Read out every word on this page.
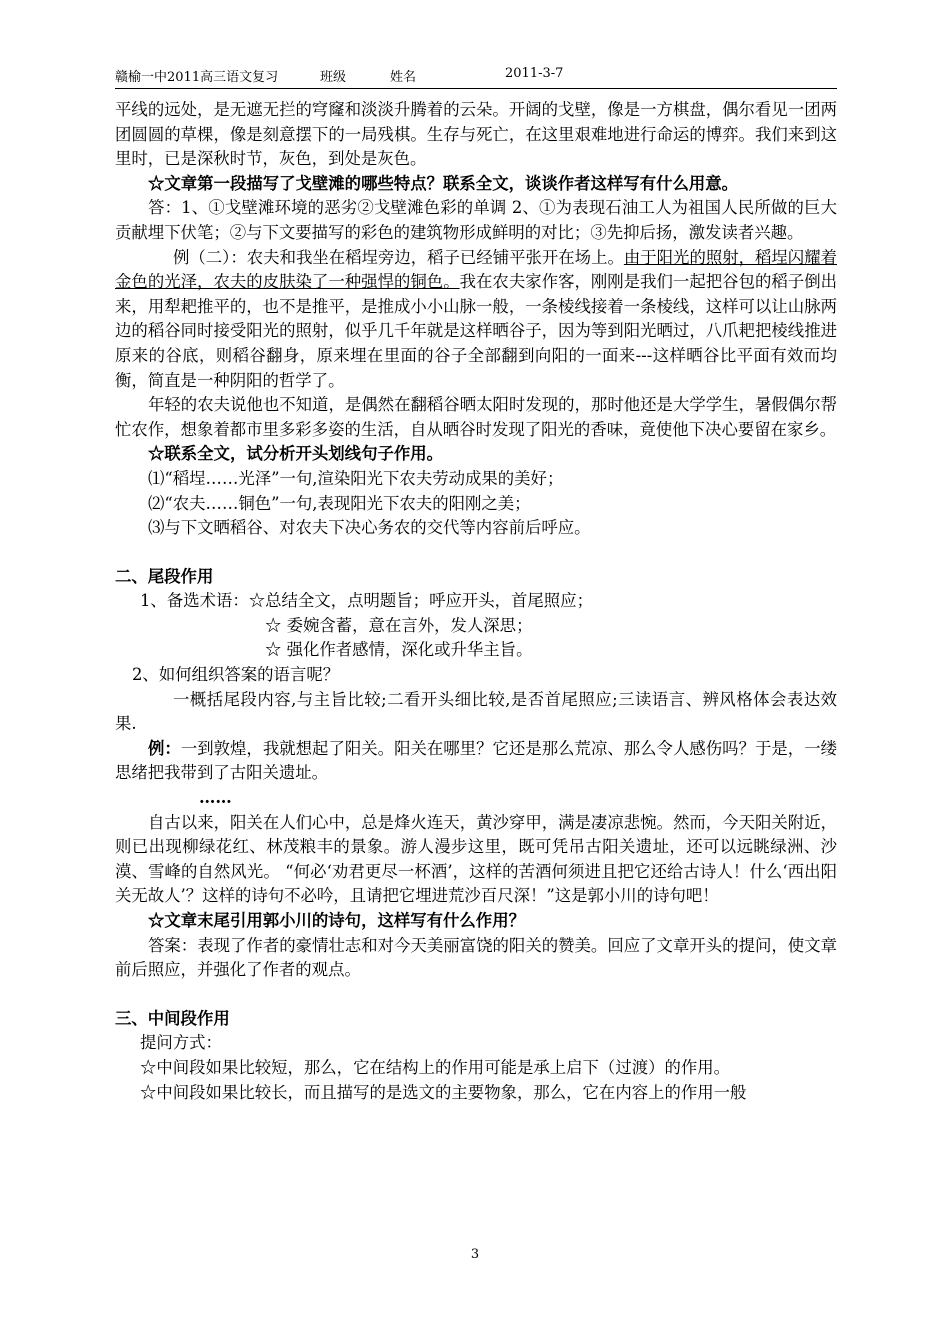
赣榆一中2011高三语文复习	班级	姓名	2011-3-7

平线的远处，是无遮无拦的穹窿和淡淡升腾着的云朵。开阔的戈壁，像是一方棋盘，偶尔看见一团两团圆圆的草棵，像是刻意摆下的一局残棋。生存与死亡，在这里艰难地进行命运的博弈。我们来到这里时，已是深秋时节，灰色，到处是灰色。

☆文章第一段描写了戈壁滩的哪些特点？联系全文，谈谈作者这样写有什么用意。

答：1、①戈壁滩环境的恶劣②戈壁滩色彩的单调 2、①为表现石油工人为祖国人民所做的巨大贡献埋下伏笔；②与下文要描写的彩色的建筑物形成鲜明的对比；③先抑后扬，激发读者兴趣。

例（二）：农夫和我坐在稻埕旁边，稻子已经铺平张开在场上。由于阳光的照射，稻埕闪耀着金色的光泽，农夫的皮肤染了一种强悍的铜色。我在农夫家作客，刚刚是我们一起把谷包的稻子倒出来，用犁耙推平的，也不是推平，是推成小小山脉一般，一条棱线接着一条棱线，这样可以让山脉两边的稻谷同时接受阳光的照射，似乎几千年就是这样晒谷子，因为等到阳光晒过，八爪耙把棱线推进原来的谷底，则稻谷翻身，原来埋在里面的谷子全部翻到向阳的一面来---这样晒谷比平面有效而均衡，简直是一种阴阳的哲学了。

年轻的农夫说他也不知道，是偶然在翻稻谷晒太阳时发现的，那时他还是大学学生，暑假偶尔帮忙农作，想象着都市里多彩多姿的生活，自从晒谷时发现了阳光的香味，竟使他下决心要留在家乡。

☆联系全文，试分析开头划线句子作用。

⑴“稻埕……光泽”一句,渲染阳光下农夫劳动成果的美好；

⑵“农夫……铜色”一句,表现阳光下农夫的阳刚之美；

⑶与下文晒稻谷、对农夫下决心务农的交代等内容前后呼应。

二、尾段作用

1、备选术语：☆总结全文，点明题旨；呼应开头，首尾照应；

☆ 委婉含蓄，意在言外，发人深思；

☆ 强化作者感情，深化或升华主旨。

2、如何组织答案的语言呢？

一概括尾段内容,与主旨比较;二看开头细比较,是否首尾照应;三读语言、辨风格体会表达效果.

例：一到敦煌，我就想起了阳关。阳关在哪里？它还是那么荒凉、那么令人感伤吗？于是，一缕思绪把我带到了古阳关遗址。

……

自古以来，阳关在人们心中，总是烽火连天，黄沙穿甲，满是凄凉悲惋。然而，今天阳关附近，则已出现柳绿花红、林茂粮丰的景象。游人漫步这里，既可凭吊古阳关遗址，还可以远眺绿洲、沙漠、雪峰的自然风光。 “何必‘劝君更尽一杯酒’，这样的苦酒何须进且把它还给古诗人！什么‘西出阳关无故人’？这样的诗句不必吟，且请把它埋进荒沙百尺深！”这是郭小川的诗句吧！

☆文章末尾引用郭小川的诗句，这样写有什么作用？

答案：表现了作者的豪情壮志和对今天美丽富饶的阳关的赞美。回应了文章开头的提问，使文章前后照应，并强化了作者的观点。

三、中间段作用

提问方式：

☆中间段如果比较短，那么，它在结构上的作用可能是承上启下（过渡）的作用。

☆中间段如果比较长，而且描写的是选文的主要物象，那么，它在内容上的作用一般

3
